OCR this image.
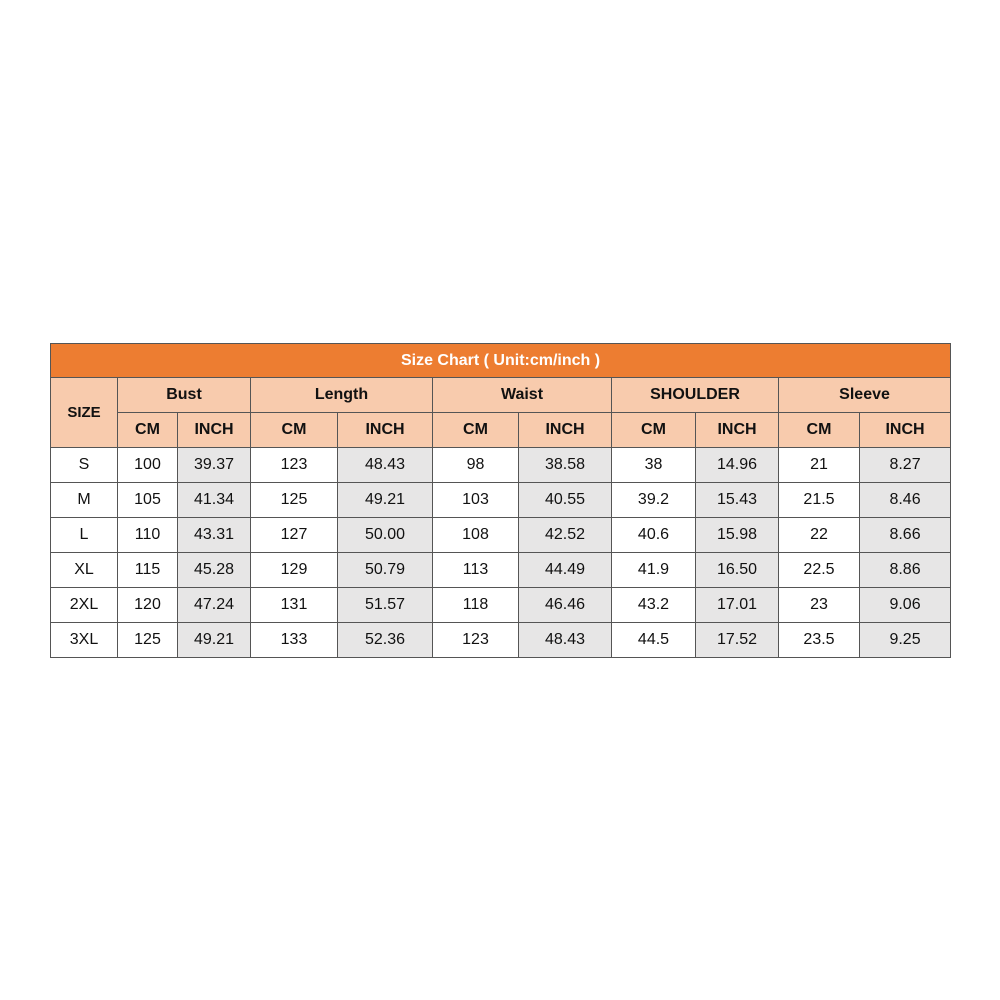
Size Chart ( Unit:cm/inch )										
SIZE	Bust		Length		Waist		SHOULDER		Sleeve	
	CM	INCH	CM	INCH	CM	INCH	CM	INCH	CM	INCH
S	100	39.37	123	48.43	98	38.58	38	14.96	21	8.27
M	105	41.34	125	49.21	103	40.55	39.2	15.43	21.5	8.46
L	110	43.31	127	50.00	108	42.52	40.6	15.98	22	8.66
XL	115	45.28	129	50.79	113	44.49	41.9	16.50	22.5	8.86
2XL	120	47.24	131	51.57	118	46.46	43.2	17.01	23	9.06
3XL	125	49.21	133	52.36	123	48.43	44.5	17.52	23.5	9.25
